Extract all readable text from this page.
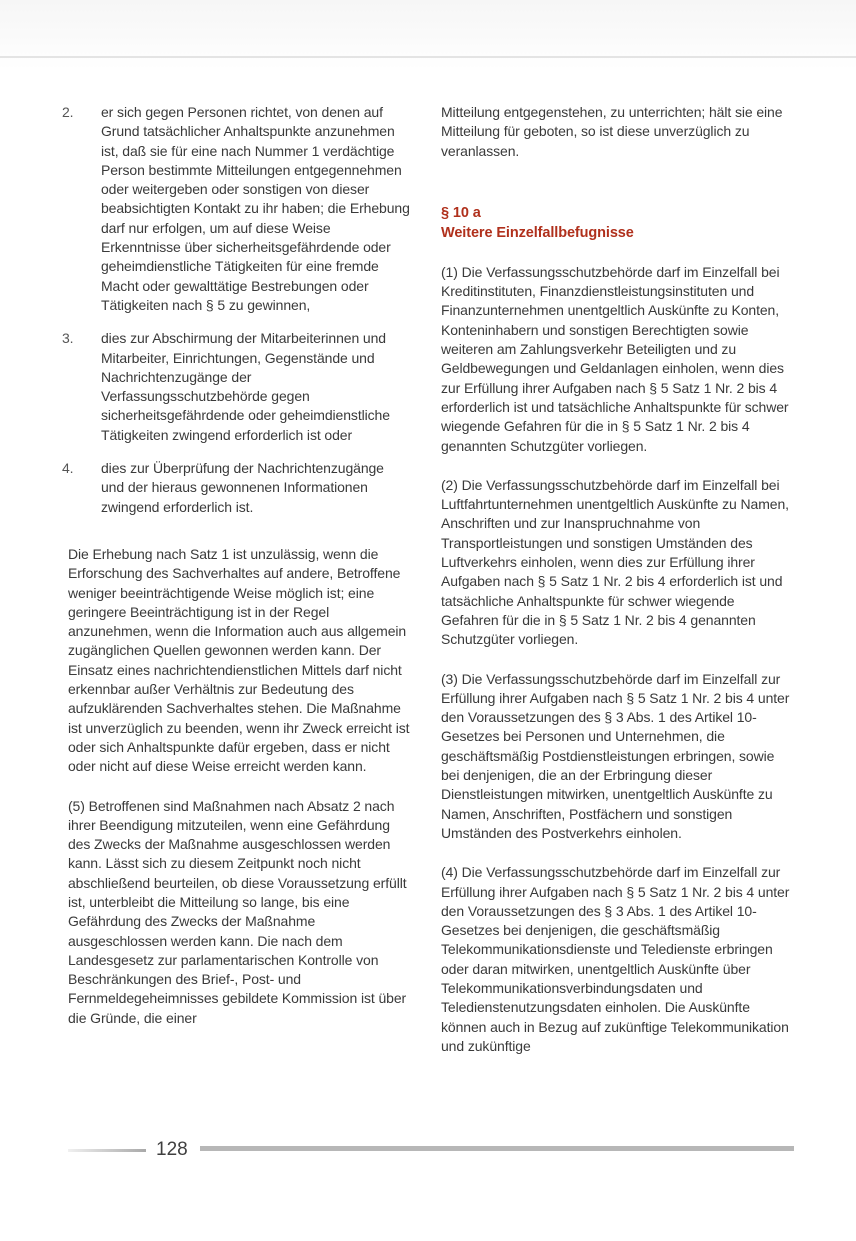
2.	er sich gegen Personen richtet, von denen auf Grund tatsächlicher Anhaltspunkte anzunehmen ist, daß sie für eine nach Nummer 1 verdächtige Person bestimmte Mitteilungen entgegennehmen oder weitergeben oder sonstigen von dieser beabsichtigten Kontakt zu ihr haben; die Erhebung darf nur erfolgen, um auf diese Weise Erkenntnisse über sicherheitsgefährdende oder geheimdienstliche Tätigkeiten für eine fremde Macht oder gewalttätige Bestrebungen oder Tätigkeiten nach § 5 zu gewinnen,
3.	dies zur Abschirmung der Mitarbeiterinnen und Mitarbeiter, Einrichtungen, Gegenstände und Nachrichtenzugänge der Verfassungsschutzbehörde gegen sicherheitsgefährdende oder geheimdienstliche Tätigkeiten zwingend erforderlich ist oder
4.	dies zur Überprüfung der Nachrichtenzugänge und der hieraus gewonnenen Informationen zwingend erforderlich ist.

Die Erhebung nach Satz 1 ist unzulässig, wenn die Erforschung des Sachverhaltes auf andere, Betroffene weniger beeinträchtigende Weise möglich ist; eine geringere Beeinträchtigung ist in der Regel anzunehmen, wenn die Information auch aus allgemein zugänglichen Quellen gewonnen werden kann. Der Einsatz eines nachrichtendienstlichen Mittels darf nicht erkennbar außer Verhältnis zur Bedeutung des aufzuklärenden Sachverhaltes stehen. Die Maßnahme ist unverzüglich zu beenden, wenn ihr Zweck erreicht ist oder sich Anhaltspunkte dafür ergeben, dass er nicht oder nicht auf diese Weise erreicht werden kann.

(5) Betroffenen sind Maßnahmen nach Absatz 2 nach ihrer Beendigung mitzuteilen, wenn eine Gefährdung des Zwecks der Maßnahme ausgeschlossen werden kann. Lässt sich zu diesem Zeitpunkt noch nicht abschließend beurteilen, ob diese Voraussetzung erfüllt ist, unterbleibt die Mitteilung so lange, bis eine Gefährdung des Zwecks der Maßnahme ausgeschlossen werden kann. Die nach dem Landesgesetz zur parlamentarischen Kontrolle von Beschränkungen des Brief-, Post- und Fernmeldegeheimnisses gebildete Kommission ist über die Gründe, die einer

Mitteilung entgegenstehen, zu unterrichten; hält sie eine Mitteilung für geboten, so ist diese unverzüglich zu veranlassen.

§ 10 a
Weitere Einzelfallbefugnisse

(1) Die Verfassungsschutzbehörde darf im Einzelfall bei Kreditinstituten, Finanzdienstleistungsinstituten und Finanzunternehmen unentgeltlich Auskünfte zu Konten, Konteninhabern und sonstigen Berechtigten sowie weiteren am Zahlungsverkehr Beteiligten und zu Geldbewegungen und Geldanlagen einholen, wenn dies zur Erfüllung ihrer Aufgaben nach § 5 Satz 1 Nr. 2 bis 4 erforderlich ist und tatsächliche Anhaltspunkte für schwer wiegende Gefahren für die in § 5 Satz 1 Nr. 2 bis 4 genannten Schutzgüter vorliegen.

(2) Die Verfassungsschutzbehörde darf im Einzelfall bei Luftfahrtunternehmen unentgeltlich Auskünfte zu Namen, Anschriften und zur Inanspruchnahme von Transportleistungen und sonstigen Umständen des Luftverkehrs einholen, wenn dies zur Erfüllung ihrer Aufgaben nach § 5 Satz 1 Nr. 2 bis 4 erforderlich ist und tatsächliche Anhaltspunkte für schwer wiegende Gefahren für die in § 5 Satz 1 Nr. 2 bis 4 genannten Schutzgüter vorliegen.

(3) Die Verfassungsschutzbehörde darf im Einzelfall zur Erfüllung ihrer Aufgaben nach § 5 Satz 1 Nr. 2 bis 4 unter den Voraussetzungen des § 3 Abs. 1 des Artikel 10-Gesetzes bei Personen und Unternehmen, die geschäftsmäßig Postdienstleistungen erbringen, sowie bei denjenigen, die an der Erbringung dieser Dienstleistungen mitwirken, unentgeltlich Auskünfte zu Namen, Anschriften, Postfächern und sonstigen Umständen des Postverkehrs einholen.

(4) Die Verfassungsschutzbehörde darf im Einzelfall zur Erfüllung ihrer Aufgaben nach § 5 Satz 1 Nr. 2 bis 4 unter den Voraussetzungen des § 3 Abs. 1 des Artikel 10-Gesetzes bei denjenigen, die geschäftsmäßig Telekommunikationsdienste und Teledienste erbringen oder daran mitwirken, unentgeltlich Auskünfte über Telekommunikationsverbindungsdaten und Teledienstenutzungsdaten einholen. Die Auskünfte können auch in Bezug auf zukünftige Telekommunikation und zukünftige

128
